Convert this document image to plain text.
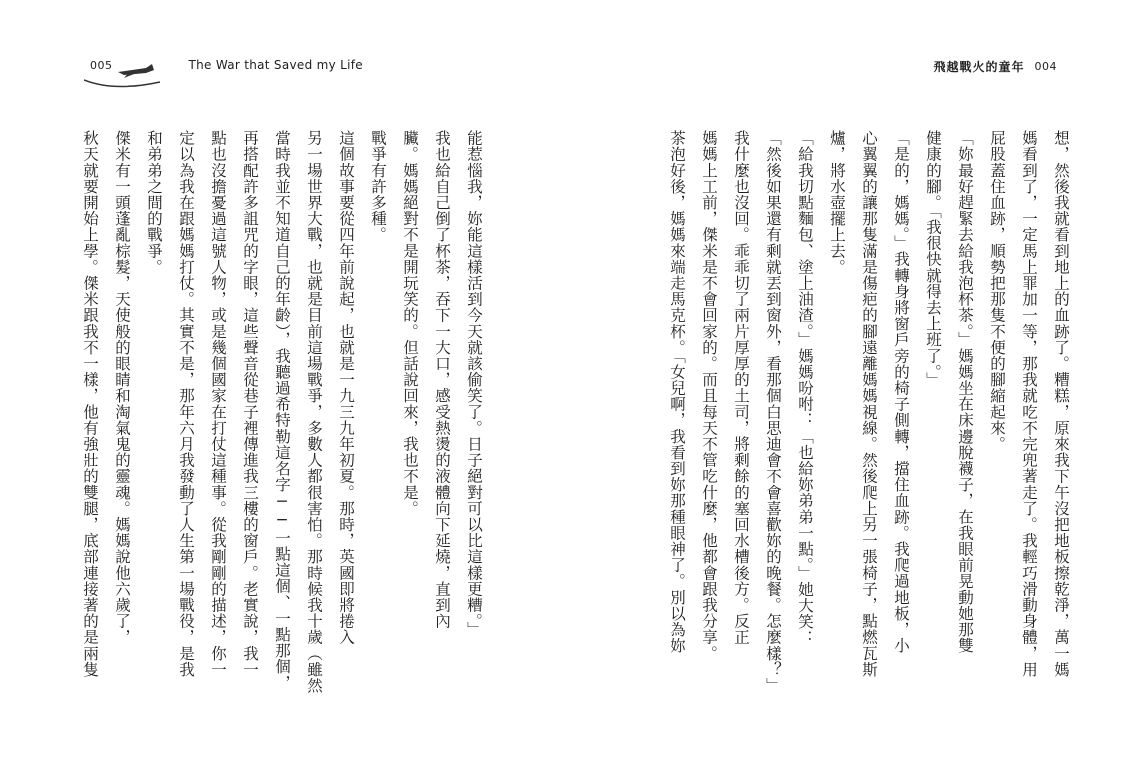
005	The War that Saved my Life	飛越戰火的童年 004
想，然後我就看到地上的血跡了。糟糕，原來我下午沒把地板擦乾淨，萬一媽
媽看到了，一定馬上罪加一等，那我就吃不完兜著走了。我輕巧滑動身體，用
屁股蓋住血跡，順勢把那隻不便的腳縮起來。
「妳最好趕緊去給我泡杯茶。」媽媽坐在床邊脫襪子，在我眼前晃動她那雙
健康的腳。「我很快就得去上班了。」
「是的，媽媽。」我轉身將窗戶旁的椅子側轉，擋住血跡。我爬過地板，小
心翼翼的讓那隻滿是傷疤的腳遠離媽媽視線。然後爬上另一張椅子，點燃瓦斯
爐，將水壺擺上去。
「給我切點麵包、塗上油渣。」媽媽吩咐：「也給妳弟弟一點。」她大笑：
「然後如果還有剩就丟到窗外，看那個白思迪會不會喜歡妳的晚餐。怎麼樣？」
我什麼也沒回。乖乖切了兩片厚厚的土司，將剩餘的塞回水槽後方。反正
媽媽上工前，傑米是不會回家的。而且每天不管吃什麼，他都會跟我分享。
茶泡好後，媽媽來端走馬克杯。「女兒啊，我看到妳那種眼神了。別以為妳
能惹惱我，妳能這樣活到今天就該偷笑了。日子絕對可以比這樣更糟。」
我也給自己倒了杯茶，吞下一大口，感受熱燙的液體向下延燒，直到內
臟。媽媽絕對不是開玩笑的。但話說回來，我也不是。
戰爭有許多種。
這個故事要從四年前說起，也就是一九三九年初夏。那時，英國即將捲入
另一場世界大戰，也就是目前這場戰爭，多數人都很害怕。那時候我十歲（雖然
當時我並不知道自己的年齡），我聽過希特勒這名字──一點這個、一點那個，
再搭配許多詛咒的字眼，這些聲音從巷子裡傳進我三樓的窗戶。老實說，我一
點也沒擔憂過這號人物，或是幾個國家在打仗這種事。從我剛剛的描述，你一
定以為我在跟媽媽打仗。其實不是，那年六月我發動了人生第一場戰役，是我
和弟弟之間的戰爭。
傑米有一頭蓬亂棕髮，天使般的眼睛和淘氣鬼的靈魂。媽媽說他六歲了，
秋天就要開始上學。傑米跟我不一樣，他有強壯的雙腿，底部連接著的是兩隻
